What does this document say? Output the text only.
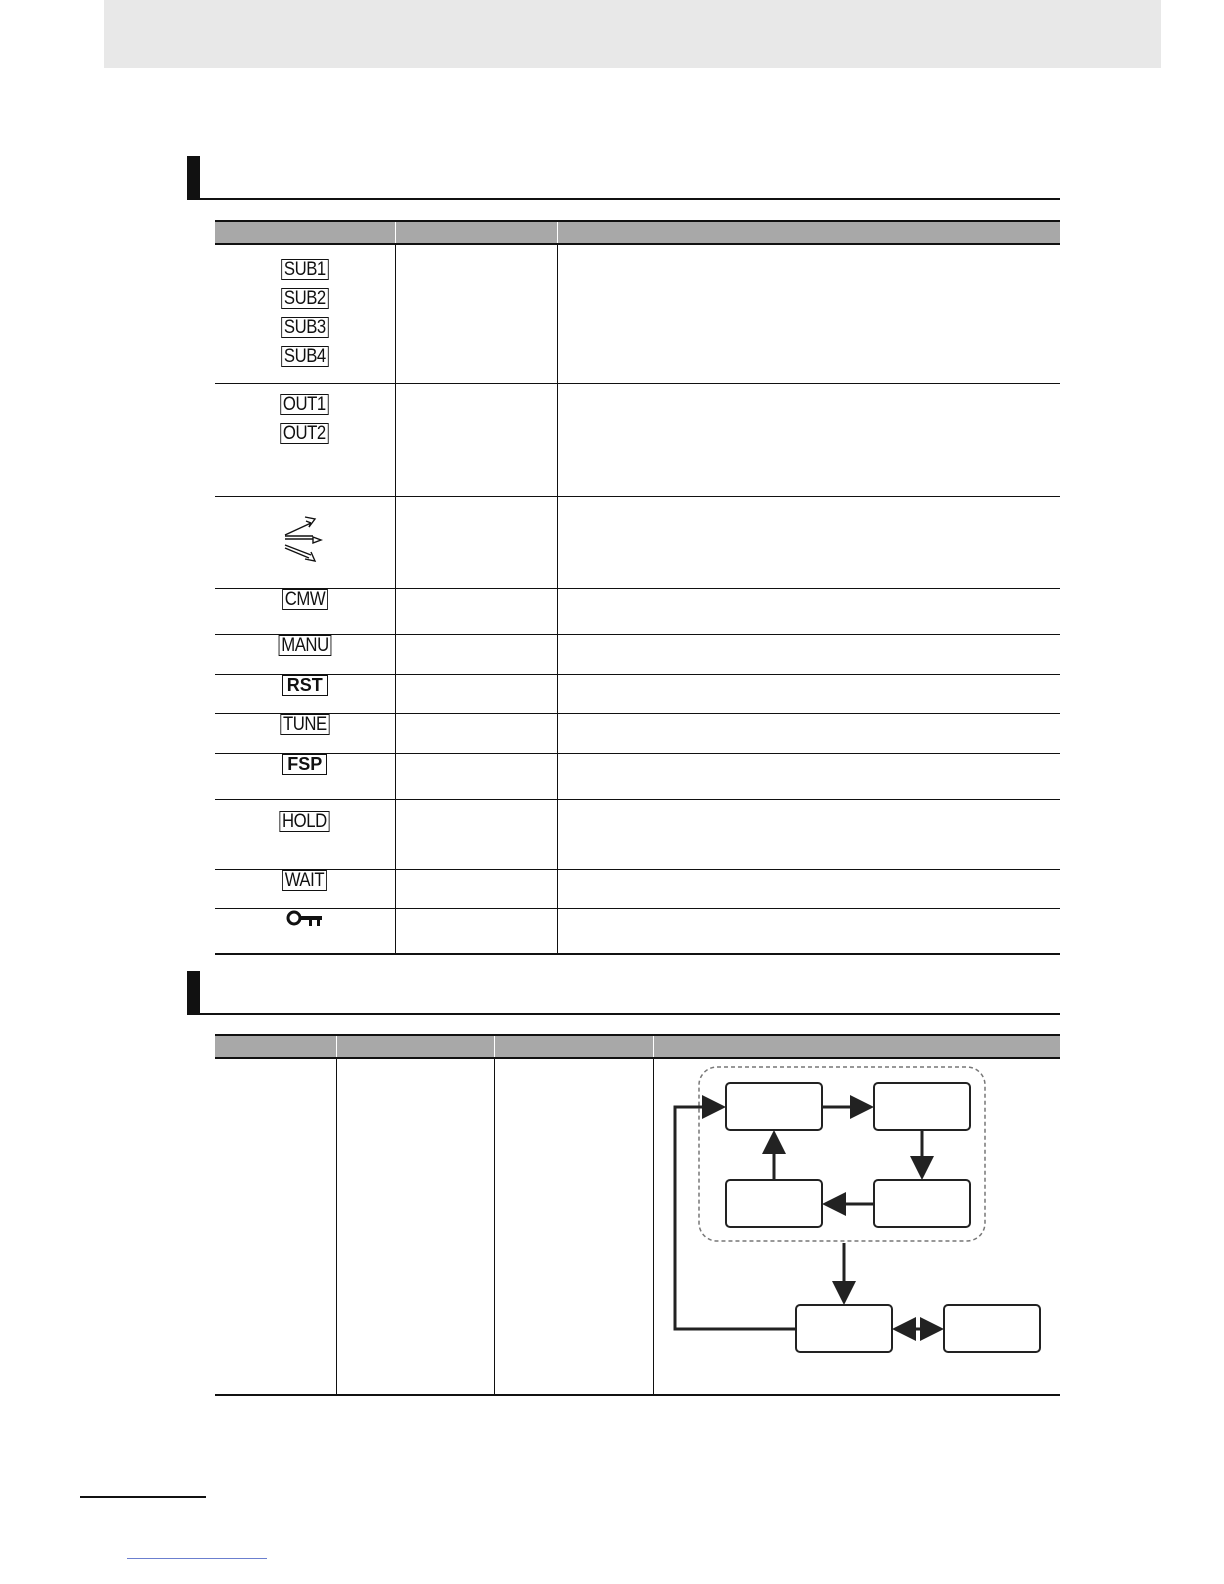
SUB1
SUB2
SUB3
SUB4		

OUT1
OUT2		

CMW		

MANU		

RST		

TUNE		

FSP		

HOLD		

WAIT		
